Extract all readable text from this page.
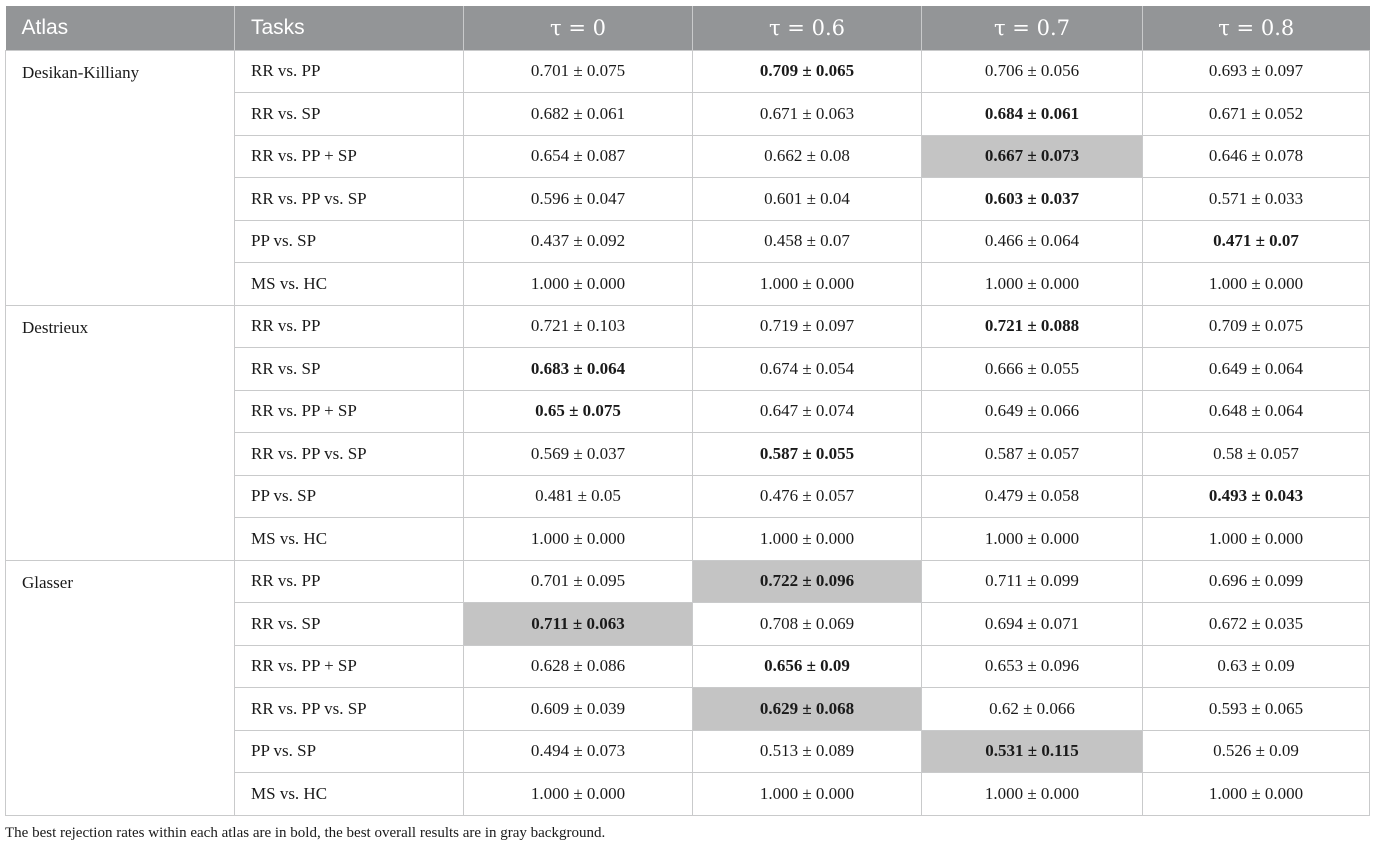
Atlas	Tasks	τ = 0	τ = 0.6	τ = 0.7	τ = 0.8
Desikan-Killiany	RR vs. PP	0.701 ± 0.075	0.709 ± 0.065	0.706 ± 0.056	0.693 ± 0.097
	RR vs. SP	0.682 ± 0.061	0.671 ± 0.063	0.684 ± 0.061	0.671 ± 0.052
	RR vs. PP + SP	0.654 ± 0.087	0.662 ± 0.08	0.667 ± 0.073	0.646 ± 0.078
	RR vs. PP vs. SP	0.596 ± 0.047	0.601 ± 0.04	0.603 ± 0.037	0.571 ± 0.033
	PP vs. SP	0.437 ± 0.092	0.458 ± 0.07	0.466 ± 0.064	0.471 ± 0.07
	MS vs. HC	1.000 ± 0.000	1.000 ± 0.000	1.000 ± 0.000	1.000 ± 0.000
Destrieux	RR vs. PP	0.721 ± 0.103	0.719 ± 0.097	0.721 ± 0.088	0.709 ± 0.075
	RR vs. SP	0.683 ± 0.064	0.674 ± 0.054	0.666 ± 0.055	0.649 ± 0.064
	RR vs. PP + SP	0.65 ± 0.075	0.647 ± 0.074	0.649 ± 0.066	0.648 ± 0.064
	RR vs. PP vs. SP	0.569 ± 0.037	0.587 ± 0.055	0.587 ± 0.057	0.58 ± 0.057
	PP vs. SP	0.481 ± 0.05	0.476 ± 0.057	0.479 ± 0.058	0.493 ± 0.043
	MS vs. HC	1.000 ± 0.000	1.000 ± 0.000	1.000 ± 0.000	1.000 ± 0.000
Glasser	RR vs. PP	0.701 ± 0.095	0.722 ± 0.096	0.711 ± 0.099	0.696 ± 0.099
	RR vs. SP	0.711 ± 0.063	0.708 ± 0.069	0.694 ± 0.071	0.672 ± 0.035
	RR vs. PP + SP	0.628 ± 0.086	0.656 ± 0.09	0.653 ± 0.096	0.63 ± 0.09
	RR vs. PP vs. SP	0.609 ± 0.039	0.629 ± 0.068	0.62 ± 0.066	0.593 ± 0.065
	PP vs. SP	0.494 ± 0.073	0.513 ± 0.089	0.531 ± 0.115	0.526 ± 0.09
	MS vs. HC	1.000 ± 0.000	1.000 ± 0.000	1.000 ± 0.000	1.000 ± 0.000
The best rejection rates within each atlas are in bold, the best overall results are in gray background.
